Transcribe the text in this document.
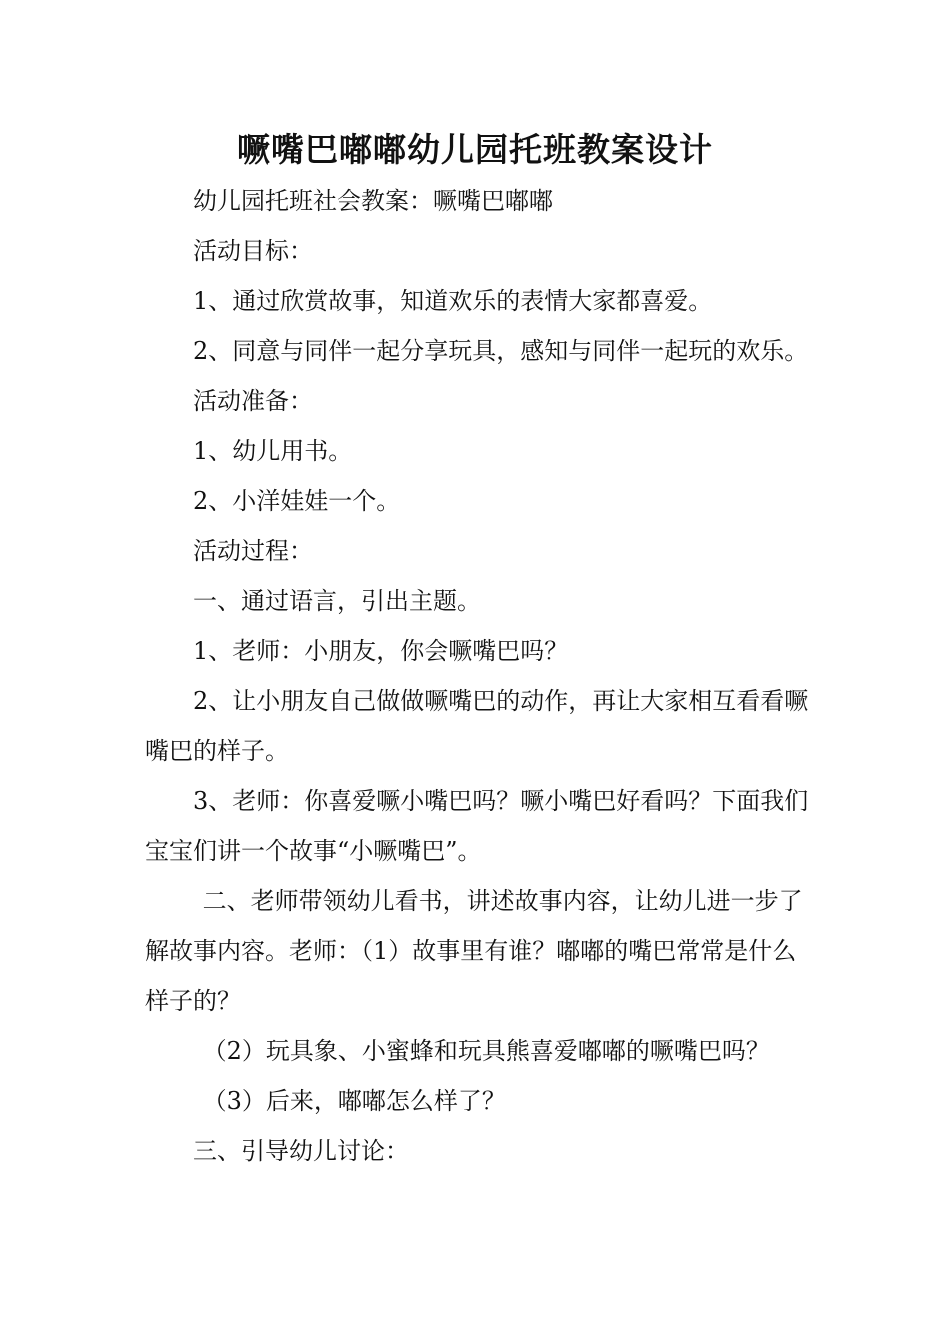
噘嘴巴嘟嘟幼儿园托班教案设计

幼儿园托班社会教案：噘嘴巴嘟嘟

活动目标：

1、通过欣赏故事，知道欢乐的表情大家都喜爱。

2、同意与同伴一起分享玩具，感知与同伴一起玩的欢乐。

活动准备：

1、幼儿用书。

2、小洋娃娃一个。

活动过程：

一、通过语言，引出主题。

1、老师：小朋友，你会噘嘴巴吗？

2、让小朋友自己做做噘嘴巴的动作，再让大家相互看看噘嘴巴的样子。

3、老师：你喜爱噘小嘴巴吗？噘小嘴巴好看吗？下面我们宝宝们讲一个故事“小噘嘴巴”。

二、老师带领幼儿看书，讲述故事内容，让幼儿进一步了解故事内容。老师：（1）故事里有谁？嘟嘟的嘴巴常常是什么样子的？

（2）玩具象、小蜜蜂和玩具熊喜爱嘟嘟的噘嘴巴吗？

（3）后来，嘟嘟怎么样了？

三、引导幼儿讨论：
